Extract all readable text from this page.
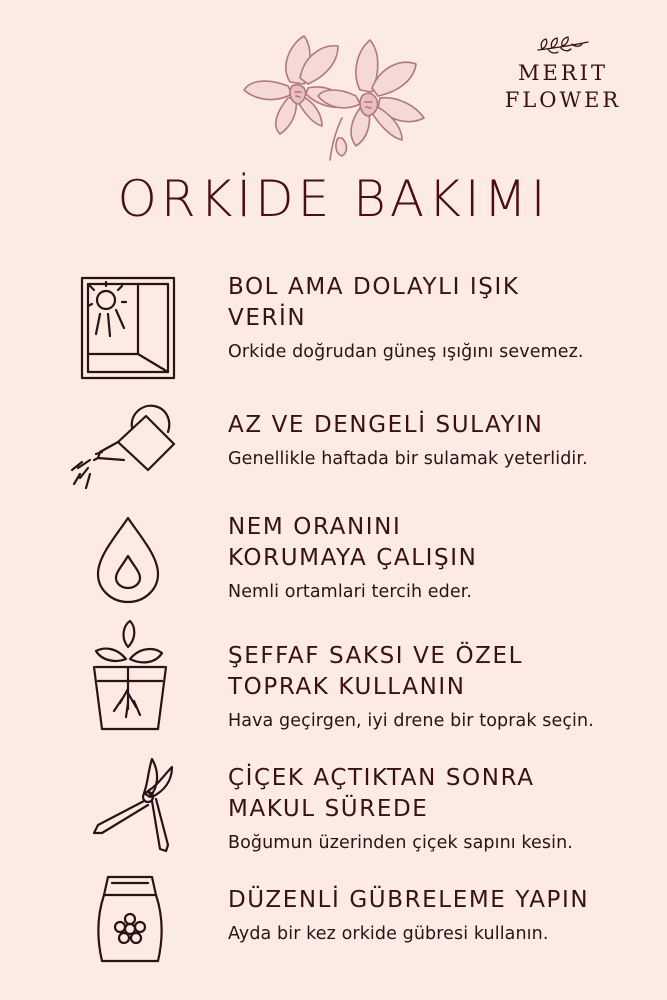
MERIT
FLOWER
ORKİDE BAKIMI
BOL AMA DOLAYLI IŞIK
VERİN
Orkide doğrudan güneş ışığını sevemez.
AZ VE DENGELİ SULAYIN
Genellikle haftada bir sulamak yeterlidir.
NEM ORANINI
KORUMAYA ÇALIŞIN
Nemli ortamlari tercih eder.
ŞEFFAF SAKSI VE ÖZEL
TOPRAK KULLANIN
Hava geçirgen, iyi drene bir toprak seçin.
ÇİÇEK AÇTIKTAN SONRA
MAKUL SÜREDE
Boğumun üzerinden çiçek sapını kesin.
DÜZENLİ GÜBRELEME YAPIN
Ayda bir kez orkide gübresi kullanın.
